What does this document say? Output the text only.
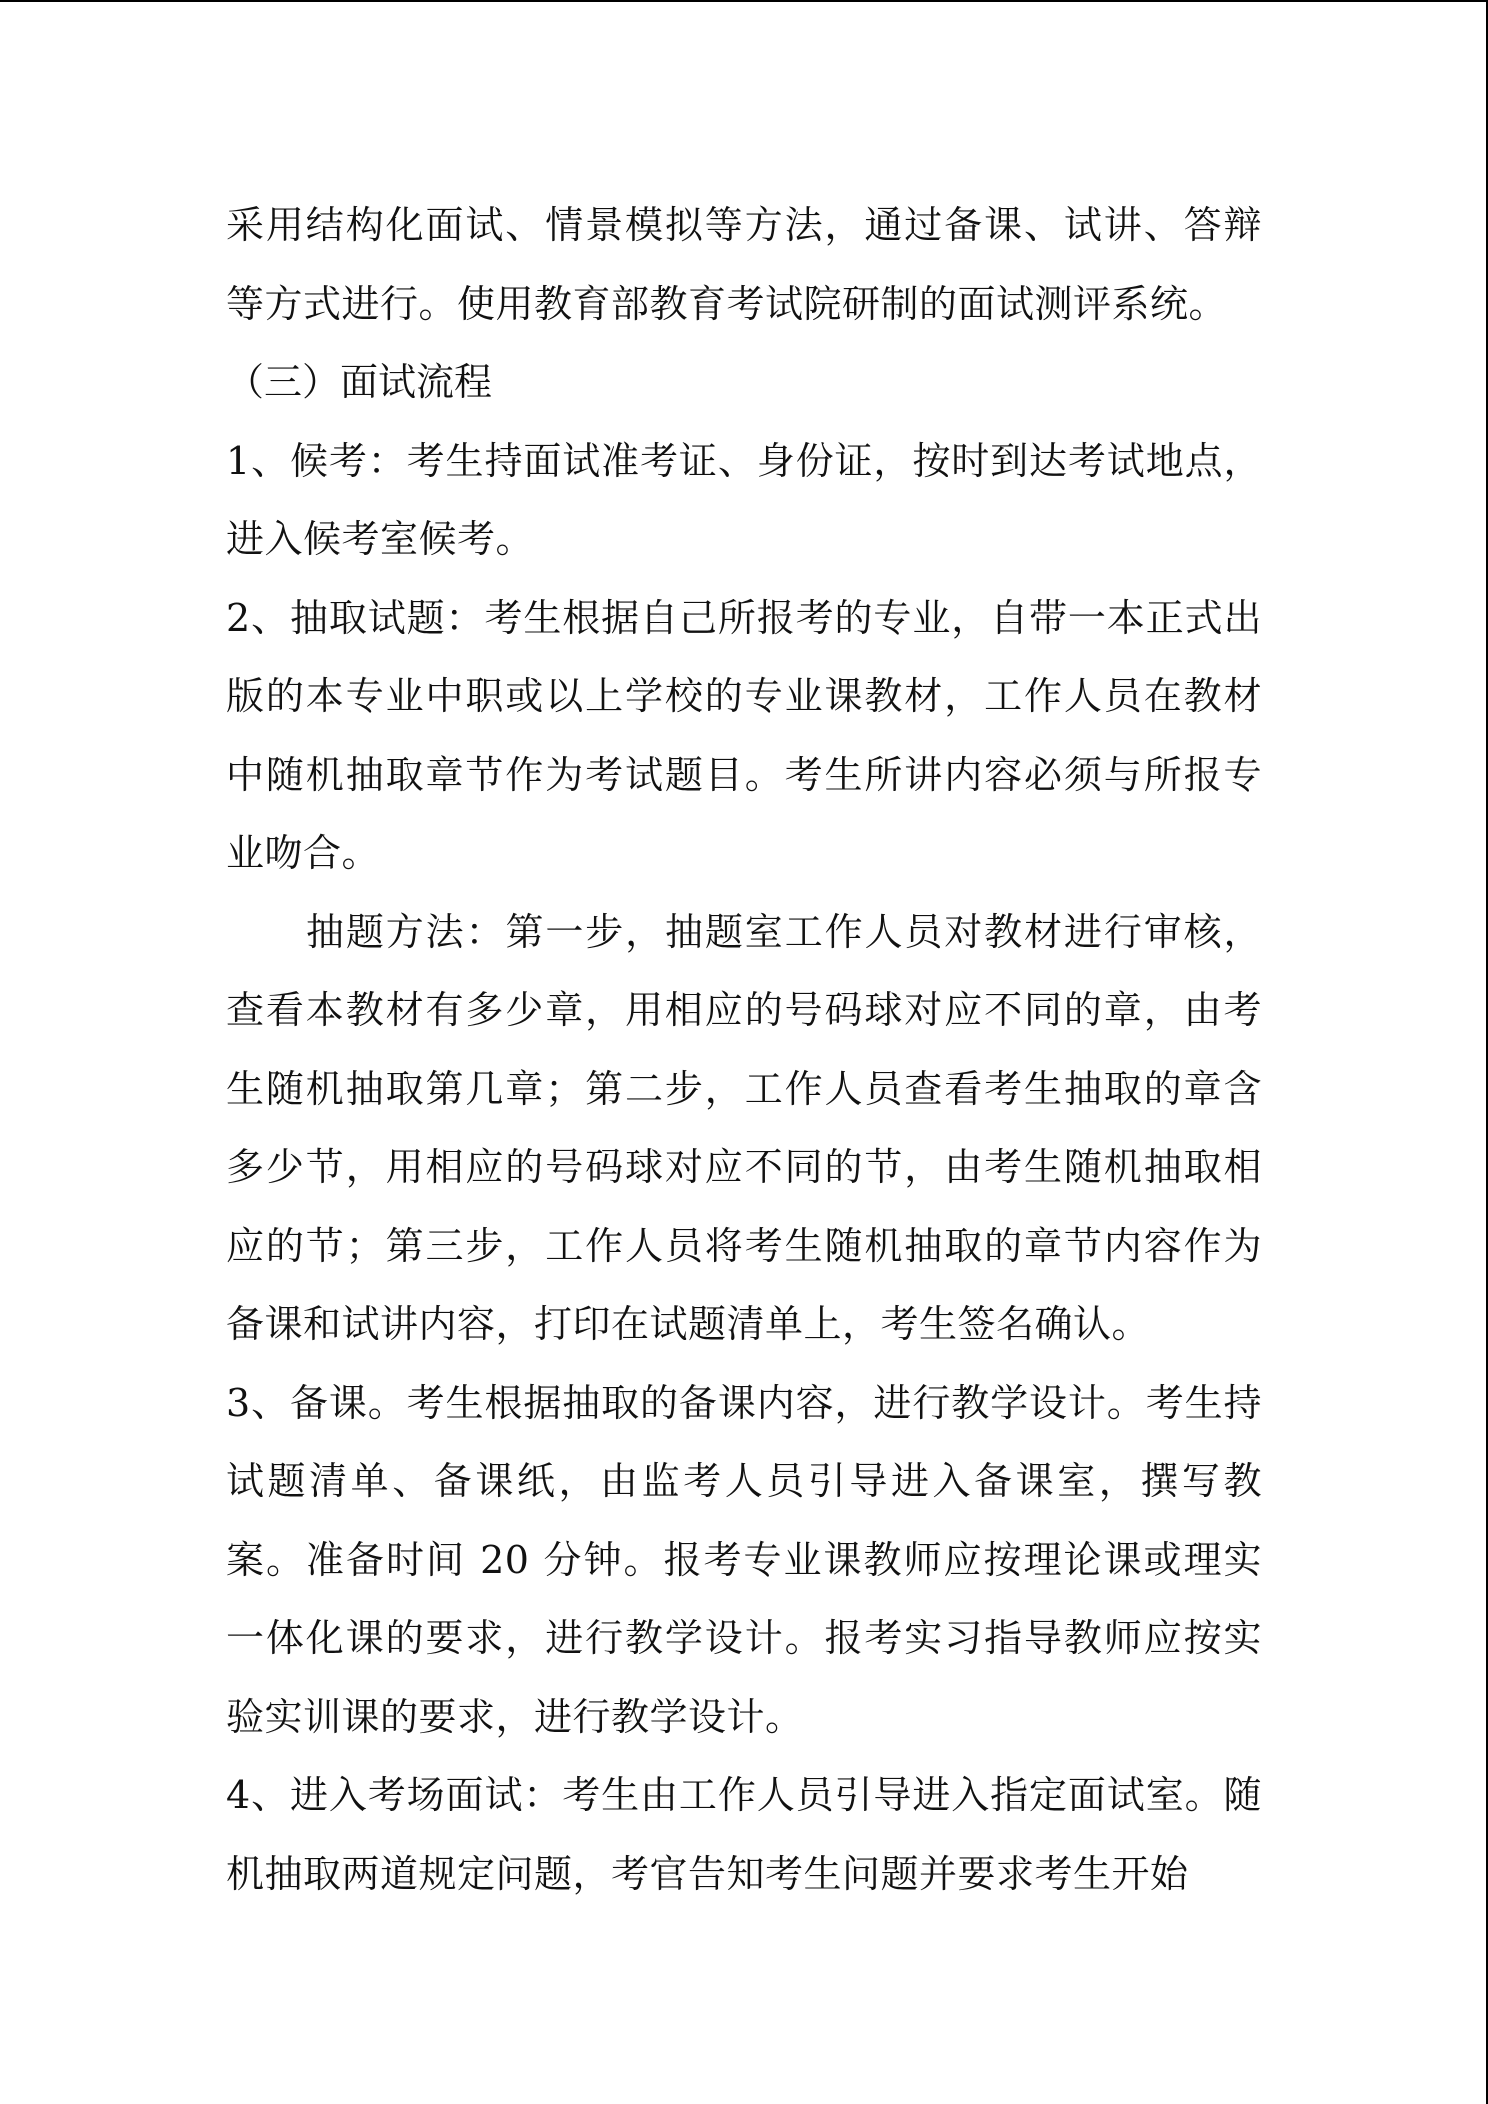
采用结构化面试、情景模拟等方法，通过备课、试讲、答辩等方式进行。使用教育部教育考试院研制的面试测评系统。

（三）面试流程

1、候考：考生持面试准考证、身份证，按时到达考试地点，进入候考室候考。

2、抽取试题：考生根据自己所报考的专业，自带一本正式出版的本专业中职或以上学校的专业课教材，工作人员在教材中随机抽取章节作为考试题目。考生所讲内容必须与所报专业吻合。

抽题方法：第一步，抽题室工作人员对教材进行审核，查看本教材有多少章，用相应的号码球对应不同的章，由考生随机抽取第几章；第二步，工作人员查看考生抽取的章含多少节，用相应的号码球对应不同的节，由考生随机抽取相应的节；第三步，工作人员将考生随机抽取的章节内容作为备课和试讲内容，打印在试题清单上，考生签名确认。

3、备课。考生根据抽取的备课内容，进行教学设计。考生持试题清单、备课纸，由监考人员引导进入备课室，撰写教案。准备时间 20 分钟。报考专业课教师应按理论课或理实一体化课的要求，进行教学设计。报考实习指导教师应按实验实训课的要求，进行教学设计。

4、进入考场面试：考生由工作人员引导进入指定面试室。随机抽取两道规定问题，考官告知考生问题并要求考生开始
